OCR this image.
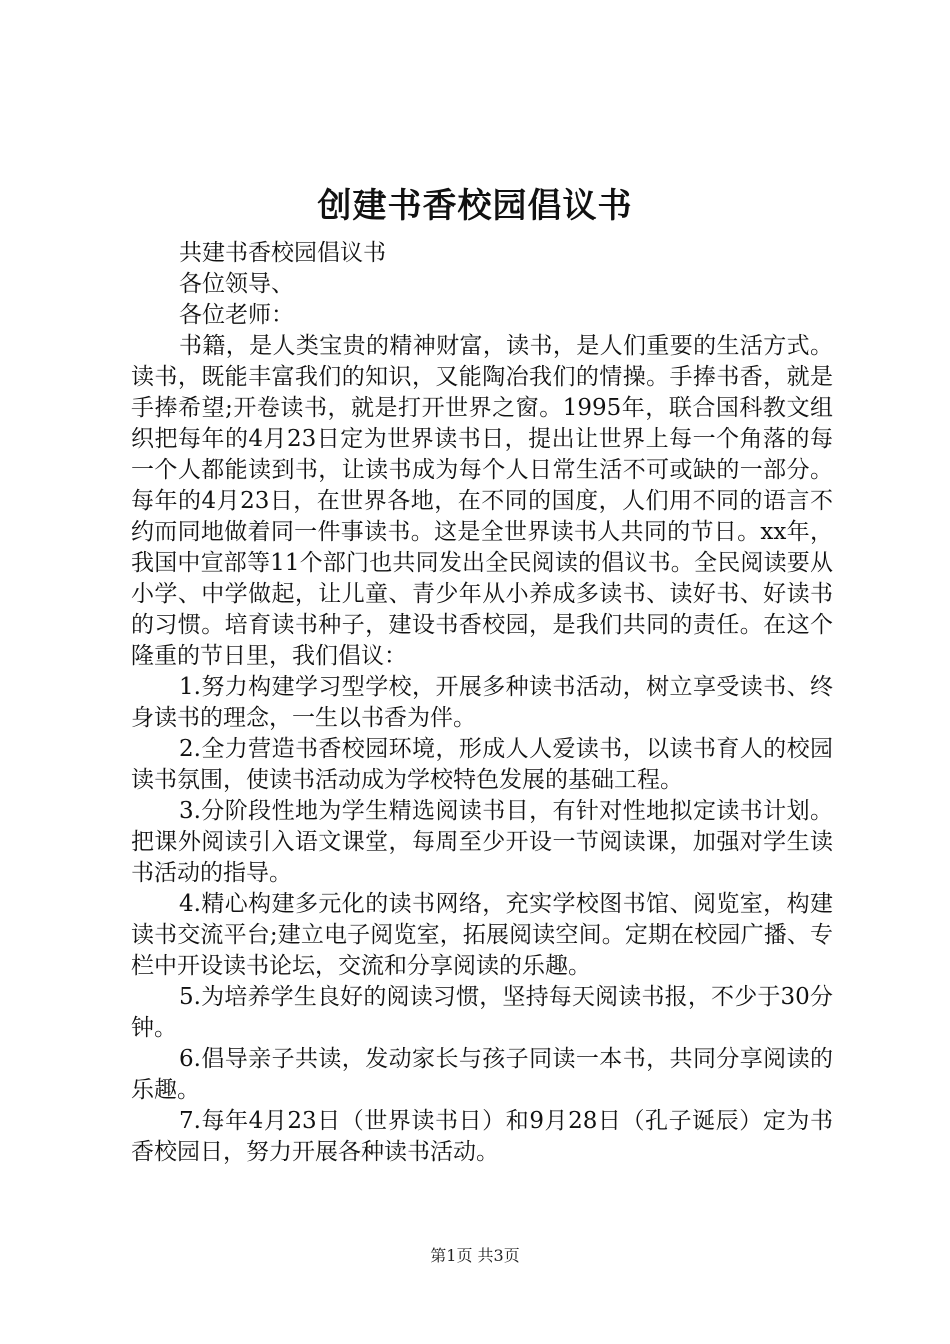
创建书香校园倡议书
共建书香校园倡议书
各位领导、
各位老师：

书籍，是人类宝贵的精神财富，读书，是人们重要的生活方式。读书，既能丰富我们的知识，又能陶冶我们的情操。手捧书香，就是手捧希望;开卷读书，就是打开世界之窗。1995年，联合国科教文组织把每年的4月23日定为世界读书日，提出让世界上每一个角落的每一个人都能读到书，让读书成为每个人日常生活不可或缺的一部分。每年的4月23日，在世界各地，在不同的国度，人们用不同的语言不约而同地做着同一件事读书。这是全世界读书人共同的节日。xx年，我国中宣部等11个部门也共同发出全民阅读的倡议书。全民阅读要从小学、中学做起，让儿童、青少年从小养成多读书、读好书、好读书的习惯。培育读书种子，建设书香校园，是我们共同的责任。在这个隆重的节日里，我们倡议：

1.努力构建学习型学校，开展多种读书活动，树立享受读书、终身读书的理念，一生以书香为伴。

2.全力营造书香校园环境，形成人人爱读书，以读书育人的校园读书氛围，使读书活动成为学校特色发展的基础工程。

3.分阶段性地为学生精选阅读书目，有针对性地拟定读书计划。把课外阅读引入语文课堂，每周至少开设一节阅读课，加强对学生读书活动的指导。

4.精心构建多元化的读书网络，充实学校图书馆、阅览室，构建读书交流平台;建立电子阅览室，拓展阅读空间。定期在校园广播、专栏中开设读书论坛，交流和分享阅读的乐趣。

5.为培养学生良好的阅读习惯，坚持每天阅读书报，不少于30分钟。

6.倡导亲子共读，发动家长与孩子同读一本书，共同分享阅读的乐趣。

7.每年4月23日（世界读书日）和9月28日（孔子诞辰）定为书香校园日，努力开展各种读书活动。

第1页 共3页
